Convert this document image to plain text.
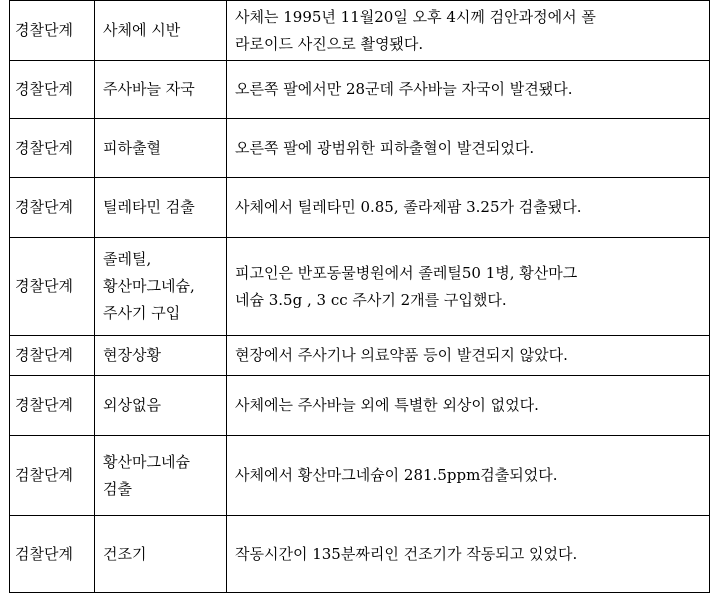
경찰단계	사체에 시반	사체는 1995년 11월20일 오후 4시께 검안과정에서 폴
라로이드 사진으로 촬영됐다.

경찰단계	주사바늘 자국	오른쪽 팔에서만 28군데 주사바늘 자국이 발견됐다.

경찰단계	피하출혈	오른쪽 팔에 광범위한 피하출혈이 발견되었다.

경찰단계	틸레타민 검출	사체에서 틸레타민 0.85, 졸라제팜 3.25가 검출됐다.

경찰단계	졸레틸,
황산마그네슘,
주사기 구입	피고인은 반포동물병원에서 졸레틸50 1병, 황산마그
네슘 3.5g , 3 cc 주사기 2개를 구입했다.

경찰단계	현장상황	현장에서 주사기나 의료약품 등이 발견되지 않았다.

경찰단계	외상없음	사체에는 주사바늘 외에 특별한 외상이 없었다.

검찰단계	황산마그네슘
검출	사체에서 황산마그네슘이 281.5ppm검출되었다.

검찰단계	건조기	작동시간이 135분짜리인 건조기가 작동되고 있었다.
